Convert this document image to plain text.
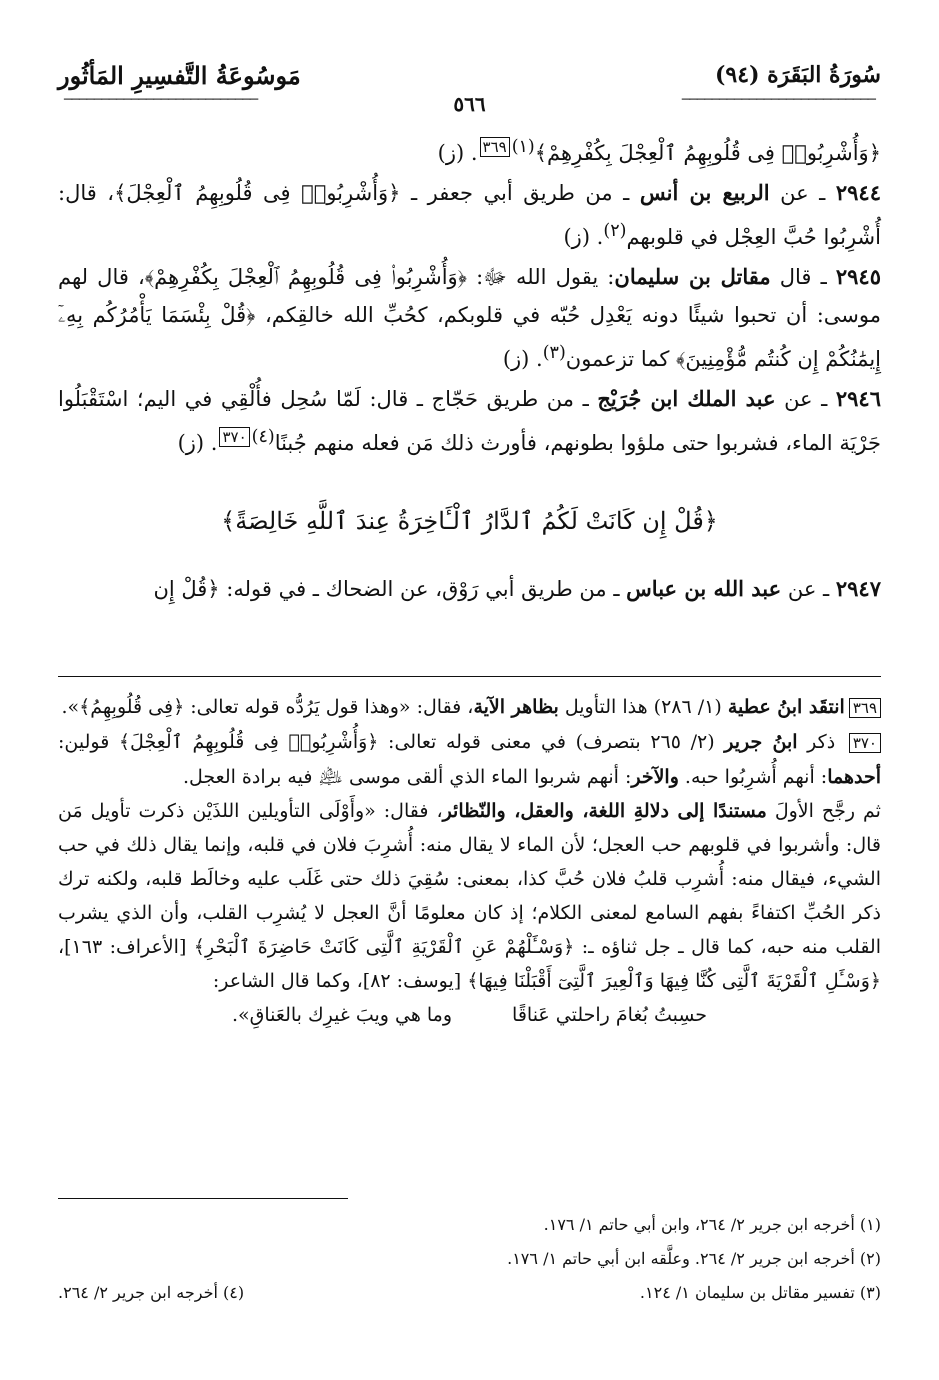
سُورَةُ البَقَرَة (٩٤)
مَوسُوعَةُ التَّفسِيرِ المَأثُور
────────────────────────── ٥٦٦ ──────────────────────────

﴿وَأُشْرِبُوا۟ فِى قُلُوبِهِمُ ٱلْعِجْلَ بِكُفْرِهِمْ﴾$^{(١)٣٦٩}$. (ز)

٢٩٤٤ ـ عن الربيع بن أنس ـ من طريق أبي جعفر ـ ﴿وَأُشْرِبُوا۟ فِى قُلُوبِهِمُ ٱلْعِجْلَ﴾، قال: أُشْرِبُوا حُبَّ العِجْل في قلوبهم$^{(٢)}$. (ز)

٢٩٤٥ ـ قال مقاتل بن سليمان: يقول الله ﷻ: ﴿وَأُشْرِبُوا۟ فِى قُلُوبِهِمُ ٱلْعِجْلَ بِكُفْرِهِمْ﴾، قال لهم موسى: أن تحبوا شيئًا دونه يَعْدِل حُبّه في قلوبكم، كحُبِّ الله خالقِكم، ﴿قُلْ بِئْسَمَا يَأْمُرُكُم بِهِۦٓ إِيمَٰنُكُمْ إِن كُنتُم مُّؤْمِنِينَ﴾ كما تزعمون$^{(٣)}$. (ز)

٢٩٤٦ ـ عن عبد الملك ابن جُرَيْج ـ من طريق حَجّاج ـ قال: لَمّا سُحِل فأُلْقِي في اليم؛ اسْتَقْبَلُوا جَرْيَة الماء، فشربوا حتى ملؤوا بطونهم، فأورث ذلك مَن فعله منهم جُبنًا$^{(٤)٣٧٠}$. (ز)

﴿قُلْ إِن كَانَتْ لَكُمُ ٱلدَّارُ ٱلْـَٔاخِرَةُ عِندَ ٱللَّهِ خَالِصَةً﴾

٢٩٤٧ ـ عن عبد الله بن عباس ـ من طريق أبي رَوْق، عن الضحاك ـ في قوله: ﴿قُلْ إِن

٣٦٩انتقَد ابنُ عطية (١/ ٢٨٦) هذا التأويل بظاهر الآية، فقال: «وهذا قول يَرُدُّه قوله تعالى: ﴿فِى قُلُوبِهِمُ﴾».

٣٧٠ ذكر ابنُ جرير (٢/ ٢٦٥ بتصرف) في معنى قوله تعالى: ﴿وَأُشْرِبُوا۟ فِى قُلُوبِهِمُ ٱلْعِجْلَ﴾ قولين: أحدهما: أنهم أُشرِبُوا حبه. والآخر: أنهم شربوا الماء الذي ألقى موسى ﵇ فيه برادة العجل.

ثم رجَّح الأولَ مستندًا إلى دلالةِ اللغة، والعقل، والنّظائر، فقال: «وأَوْلَى التأويلين اللذَيْن ذكرت تأويل مَن قال: وأشربوا في قلوبهم حب العجل؛ لأن الماء لا يقال منه: أُشرِبَ فلان في قلبه، وإنما يقال ذلك في حب الشيء، فيقال منه: أُشرِب قلبُ فلان حُبَّ كذا، بمعنى: سُقِيَ ذلك حتى غَلَب عليه وخالَط قلبه، ولكنه ترك ذكر الحُبِّ اكتفاءً بفهم السامع لمعنى الكلام؛ إذ كان معلومًا أنَّ العجل لا يُشرِب القلب، وأن الذي يشرب القلب منه حبه، كما قال ـ جل ثناؤه ـ: ﴿وَسْـَٔلْهُمْ عَنِ ٱلْقَرْيَةِ ٱلَّتِى كَانَتْ حَاضِرَةَ ٱلْبَحْرِ﴾ [الأعراف: ١٦٣]، ﴿وَسْـَٔلِ ٱلْقَرْيَةَ ٱلَّتِى كُنَّا فِيهَا وَٱلْعِيرَ ٱلَّتِىٓ أَقْبَلْنَا فِيهَا﴾ [يوسف: ٨٢]، وكما قال الشاعر:

حسِبتُ بُغامَ راحلتي عَناقًا
وما هي ويبَ غيرِك بالعَناقِ».

(١) أخرجه ابن جرير ٢/ ٢٦٤، وابن أبي حاتم ١/ ١٧٦.

(٢) أخرجه ابن جرير ٢/ ٢٦٤. وعلَّقه ابن أبي حاتم ١/ ١٧٦.

(٣) تفسير مقاتل بن سليمان ١/ ١٢٤.
(٤) أخرجه ابن جرير ٢/ ٢٦٤.
